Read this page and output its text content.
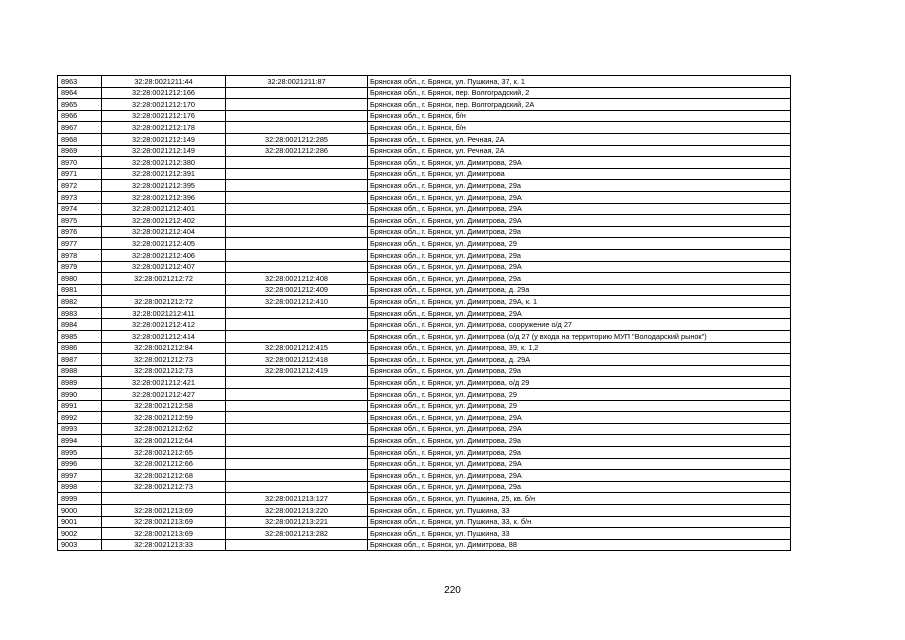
8963	32:28:0021211:44	32:28:0021211:87	Брянская обл., г. Брянск, ул. Пушкина, 37, к. 1
8964	32:28:0021212:166		Брянская обл., г. Брянск, пер. Волгоградский, 2
8965	32:28:0021212:170		Брянская обл., г. Брянск, пер. Волгоградский, 2А
8966	32:28:0021212:176		Брянская обл., г. Брянск, б/н
8967	32:28:0021212:178		Брянская обл., г. Брянск, б/н
8968	32:28:0021212:149	32:28:0021212:285	Брянская обл., г. Брянск, ул. Речная, 2А
8969	32:28:0021212:149	32:28:0021212:286	Брянская обл., г. Брянск, ул. Речная, 2А
8970	32:28:0021212:380		Брянская обл., г. Брянск, ул. Димитрова, 29А
8971	32:28:0021212:391		Брянская обл., г. Брянск, ул. Димитрова
8972	32:28:0021212:395		Брянская обл., г. Брянск, ул. Димитрова, 29а
8973	32:28:0021212:396		Брянская обл., г. Брянск, ул. Димитрова, 29А
8974	32:28:0021212:401		Брянская обл., г. Брянск, ул. Димитрова, 29А
8975	32:28:0021212:402		Брянская обл., г. Брянск, ул. Димитрова, 29А
8976	32:28:0021212:404		Брянская обл., г. Брянск, ул. Димитрова, 29а
8977	32:28:0021212:405		Брянская обл., г. Брянск, ул. Димитрова, 29
8978	32:28:0021212:406		Брянская обл., г. Брянск, ул. Димитрова, 29а
8979	32:28:0021212:407		Брянская обл., г. Брянск, ул. Димитрова, 29А
8980	32:28:0021212:72	32:28:0021212:408	Брянская обл., г. Брянск, ул. Димитрова, 29а
8981		32:28:0021212:409	Брянская обл., г. Брянск, ул. Димитрова, д. 29а
8982	32:28:0021212:72	32:28:0021212:410	Брянская обл., г. Брянск, ул. Димитрова, 29А, к. 1
8983	32:28:0021212:411		Брянская обл., г. Брянск, ул. Димитрова, 29А
8984	32:28:0021212:412		Брянская обл., г. Брянск, ул. Димитрова, сооружение о/д 27
8985	32:28:0021212:414		Брянская обл., г. Брянск, ул. Димитрова (о/д 27 (у входа на территорию МУП "Володарский рынок")
8986	32:28:0021212:84	32:28:0021212:415	Брянская обл., г. Брянск, ул. Димитрова, 39, к. 1,2
8987	32:28:0021212:73	32:28:0021212:418	Брянская обл., г. Брянск, ул. Димитрова, д. 29А
8988	32:28:0021212:73	32:28:0021212:419	Брянская обл., г. Брянск, ул. Димитрова, 29а
8989	32:28:0021212:421		Брянская обл., г. Брянск, ул. Димитрова, о/д 29
8990	32:28:0021212:427		Брянская обл., г. Брянск, ул. Димитрова, 29
8991	32:28:0021212:58		Брянская обл., г. Брянск, ул. Димитрова, 29
8992	32:28:0021212:59		Брянская обл., г. Брянск, ул. Димитрова, 29А
8993	32:28:0021212:62		Брянская обл., г. Брянск, ул. Димитрова, 29А
8994	32:28:0021212:64		Брянская обл., г. Брянск, ул. Димитрова, 29а
8995	32:28:0021212:65		Брянская обл., г. Брянск, ул. Димитрова, 29а
8996	32:28:0021212:66		Брянская обл., г. Брянск, ул. Димитрова, 29А
8997	32:28:0021212:68		Брянская обл., г. Брянск, ул. Димитрова, 29А
8998	32:28:0021212:73		Брянская обл., г. Брянск, ул. Димитрова, 29а
8999		32:28:0021213:127	Брянская обл., г. Брянск, ул. Пушкина, 25, кв. б/н
9000	32:28:0021213:69	32:28:0021213:220	Брянская обл., г. Брянск, ул. Пушкина, 33
9001	32:28:0021213:69	32:28:0021213:221	Брянская обл., г. Брянск, ул. Пушкина, 33, к. б/н
9002	32:28:0021213:69	32:28:0021213:282	Брянская обл., г. Брянск, ул. Пушкина, 33
9003	32:28:0021213:33		Брянская обл., г. Брянск, ул. Димитрова, 88
220
